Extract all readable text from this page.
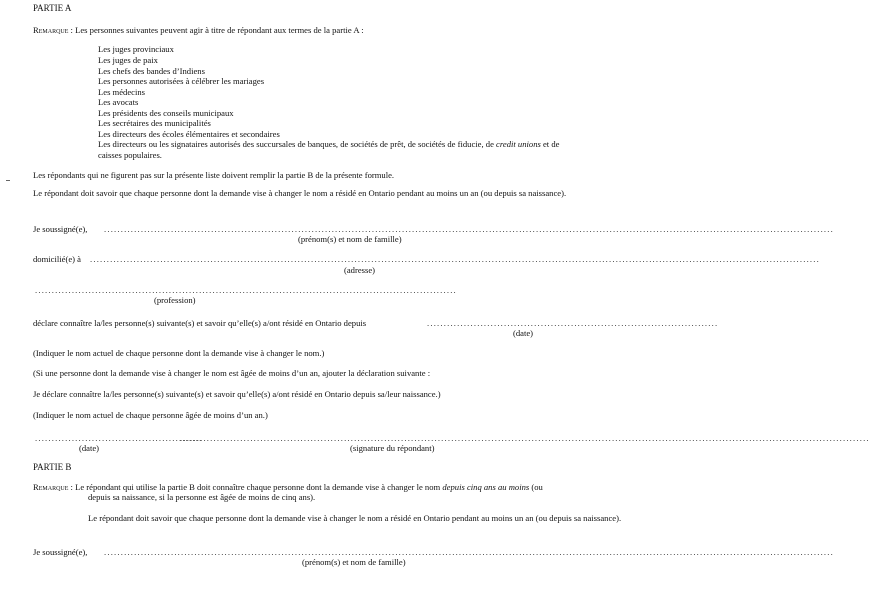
PARTIE A
Remarque : Les personnes suivantes peuvent agir à titre de répondant aux termes de la partie A :
Les juges provinciaux
Les juges de paix
Les chefs des bandes d’Indiens
Les personnes autorisées à célébrer les mariages
Les médecins
Les avocats
Les présidents des conseils municipaux
Les secrétaires des municipalités
Les directeurs des écoles élémentaires et secondaires
Les directeurs ou les signataires autorisés des succursales de banques, de sociétés de prêt, de sociétés de fiducie, de credit unions et de
caisses populaires.
Les répondants qui ne figurent pas sur la présente liste doivent remplir la partie B de la présente formule.
Le répondant doit savoir que chaque personne dont la demande vise à changer le nom a résidé en Ontario pendant au moins un an (ou depuis sa naissance).
Je soussigné(e), ..........................................................................................................................................................................................................................
(prénom(s) et nom de famille)
domicilié(e) à ..........................................................................................................................................................................................................................
(adresse)
..............................................................................................................................
(profession)
déclare connaître la/les personne(s) suivante(s) et savoir qu’elle(s) a/ont résidé en Ontario depuis	.......................................................................................
(date)
(Indiquer le nom actuel de chaque personne dont la demande vise à changer le nom.)
(Si une personne dont la demande vise à changer le nom est âgée de moins d’un an, ajouter la déclaration suivante :
Je déclare connaître la/les personne(s) suivante(s) et savoir qu’elle(s) a/ont résidé en Ontario depuis sa/leur naissance.)
(Indiquer le nom actuel de chaque personne âgée de moins d’un an.)
..................................................
..............................................................................................................................................................................................................
(date)	(signature du répondant)
PARTIE B
Remarque : Le répondant qui utilise la partie B doit connaître chaque personne dont la demande vise à changer le nom depuis cinq ans au moins (ou
depuis sa naissance, si la personne est âgée de moins de cinq ans).
Le répondant doit savoir que chaque personne dont la demande vise à changer le nom a résidé en Ontario pendant au moins un an (ou depuis sa naissance).
Je soussigné(e), ..........................................................................................................................................................................................................................
(prénom(s) et nom de famille)
